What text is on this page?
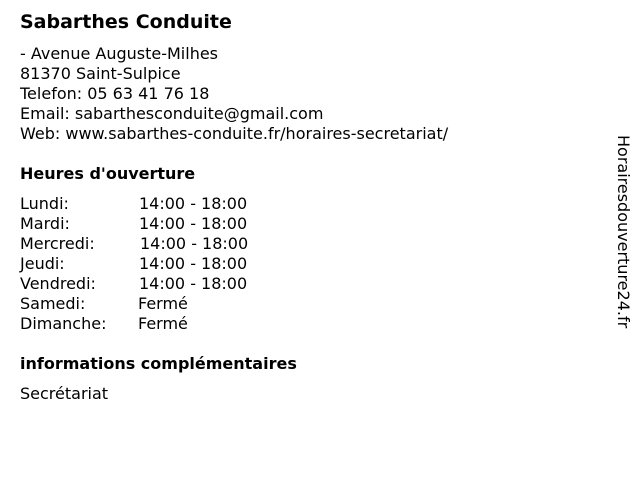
Sabarthes Conduite
- Avenue Auguste-Milhes
81370 Saint-Sulpice
Telefon: 05 63 41 76 18
Email: sabarthesconduite@gmail.com
Web: www.sabarthes-conduite.fr/horaires-secretariat/
Heures d'ouverture
Lundi:	14:00 - 18:00
Mardi:	14:00 - 18:00
Mercredi:	14:00 - 18:00
Jeudi:	14:00 - 18:00
Vendredi:	14:00 - 18:00
Samedi:	Fermé
Dimanche: Fermé
informations complémentaires
Secrétariat
Horairesdouverture24.fr
